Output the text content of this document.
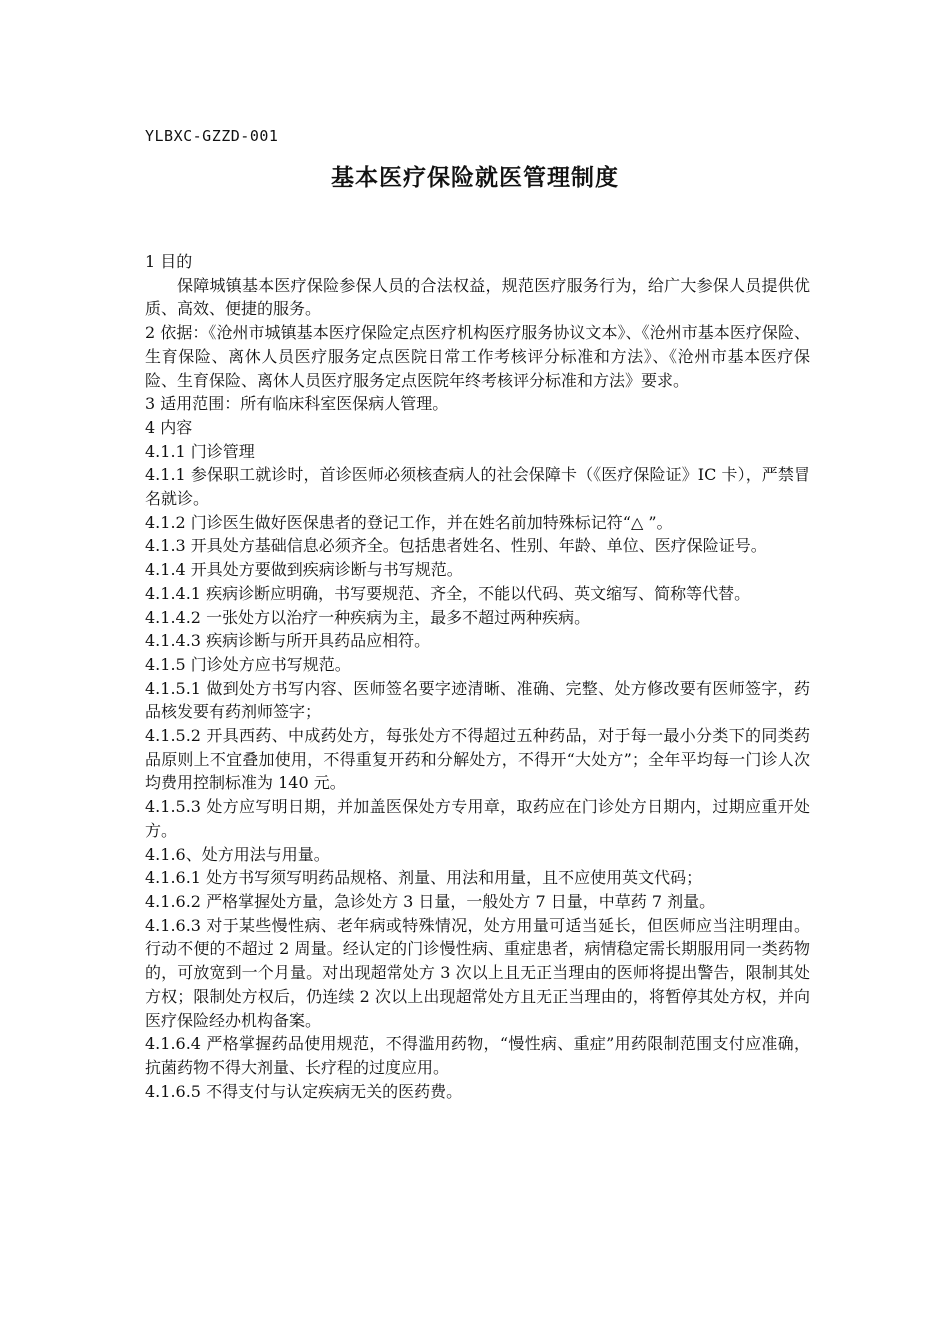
YLBXC-GZZD-001
基本医疗保险就医管理制度

1 目的

保障城镇基本医疗保险参保人员的合法权益，规范医疗服务行为，给广大参保人员提供优质、高效、便捷的服务。

2 依据：《沧州市城镇基本医疗保险定点医疗机构医疗服务协议文本》、《沧州市基本医疗保险、生育保险、离休人员医疗服务定点医院日常工作考核评分标准和方法》、《沧州市基本医疗保险、生育保险、离休人员医疗服务定点医院年终考核评分标准和方法》要求。

3 适用范围：所有临床科室医保病人管理。

4 内容

4.1.1 门诊管理

4.1.1 参保职工就诊时，首诊医师必须核查病人的社会保障卡（《医疗保险证》IC 卡），严禁冒名就诊。

4.1.2 门诊医生做好医保患者的登记工作，并在姓名前加特殊标记符“△ ”。

4.1.3 开具处方基础信息必须齐全。包括患者姓名、性别、年龄、单位、医疗保险证号。

4.1.4 开具处方要做到疾病诊断与书写规范。

4.1.4.1 疾病诊断应明确，书写要规范、齐全，不能以代码、英文缩写、简称等代替。

4.1.4.2 一张处方以治疗一种疾病为主，最多不超过两种疾病。

4.1.4.3 疾病诊断与所开具药品应相符。

4.1.5 门诊处方应书写规范。

4.1.5.1 做到处方书写内容、医师签名要字迹清晰、准确、完整、处方修改要有医师签字，药品核发要有药剂师签字；

4.1.5.2 开具西药、中成药处方，每张处方不得超过五种药品，对于每一最小分类下的同类药品原则上不宜叠加使用，不得重复开药和分解处方，不得开“大处方”；全年平均每一门诊人次均费用控制标准为 140 元。

4.1.5.3 处方应写明日期，并加盖医保处方专用章，取药应在门诊处方日期内，过期应重开处方。

4.1.6、处方用法与用量。

4.1.6.1 处方书写须写明药品规格、剂量、用法和用量，且不应使用英文代码；

4.1.6.2 严格掌握处方量，急诊处方 3 日量，一般处方 7 日量，中草药 7 剂量。

4.1.6.3 对于某些慢性病、老年病或特殊情况，处方用量可适当延长，但医师应当注明理由。行动不便的不超过 2 周量。经认定的门诊慢性病、重症患者，病情稳定需长期服用同一类药物的，可放宽到一个月量。对出现超常处方 3 次以上且无正当理由的医师将提出警告，限制其处方权；限制处方权后，仍连续 2 次以上出现超常处方且无正当理由的，将暂停其处方权，并向医疗保险经办机构备案。

4.1.6.4 严格掌握药品使用规范，不得滥用药物，“慢性病、重症”用药限制范围支付应准确，抗菌药物不得大剂量、长疗程的过度应用。

4.1.6.5 不得支付与认定疾病无关的医药费。
